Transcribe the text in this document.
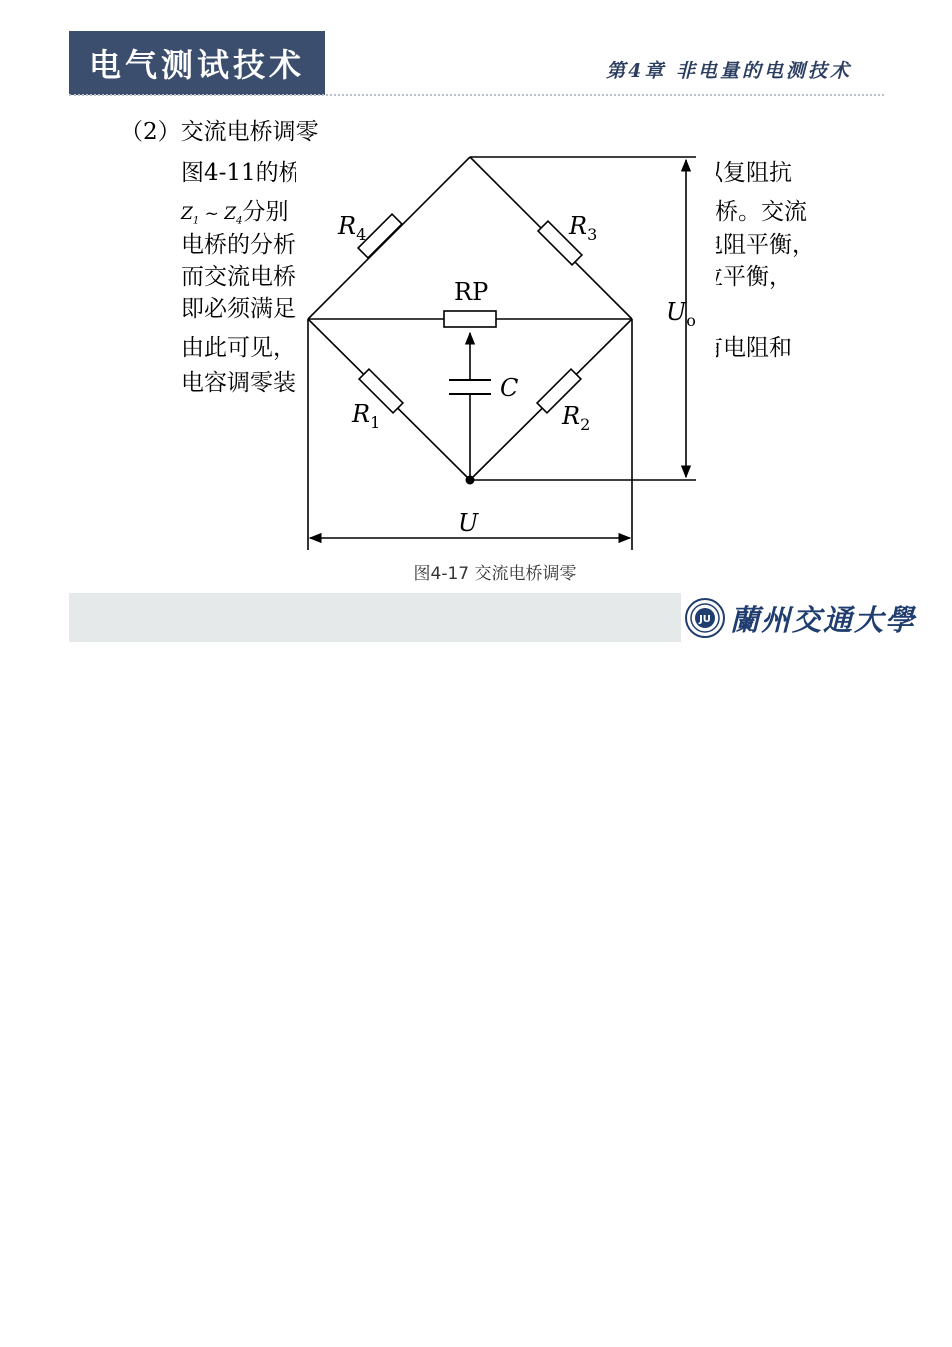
电气测试技术	第4章 非电量的电测技术
（2）交流电桥调零
图4-11的桥
$Z_1$ ~ $Z_4$分别
电桥的分析
而交流电桥
即必须满足
由此可见，
电容调零装
以复阻抗
电桥。交流
电阻平衡，
位平衡，
有电阻和
$R_4$	$R_3$
$R_1$	$R_2$
RP
C
$U_o$
U
图4-17 交流电桥调零
JU 蘭州交通大學
